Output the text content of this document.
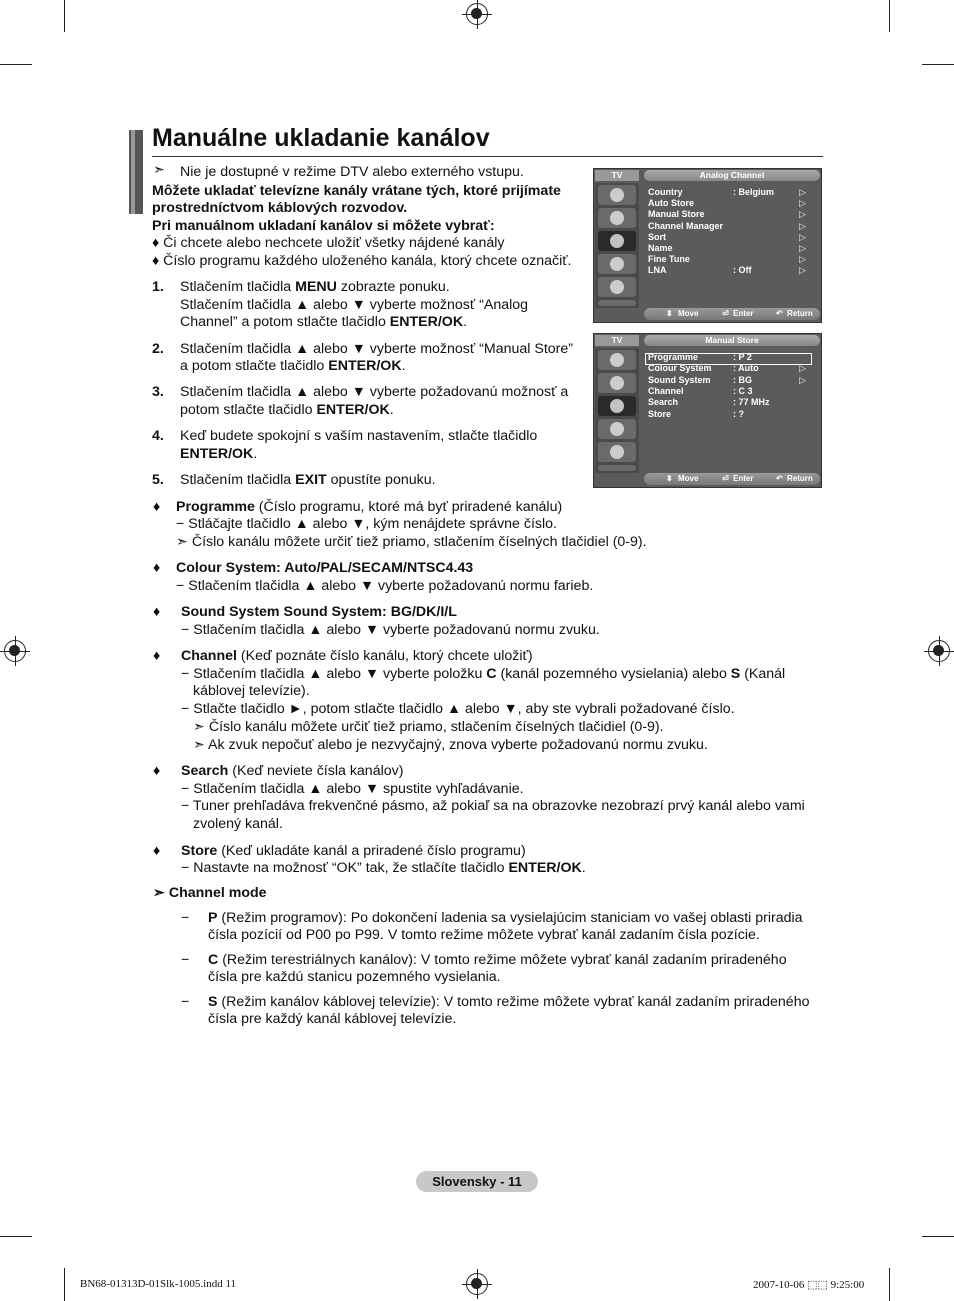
Manuálne ukladanie kanálov
➣ Nie je dostupné v režime DTV alebo externého vstupu.
Môžete ukladať televízne kanály vrátane tých, ktoré prijímate
prostredníctvom káblových rozvodov.
Pri manuálnom ukladaní kanálov si môžete vybrať:
♦ Či chcete alebo nechcete uložiť všetky nájdené kanály
♦ Číslo programu každého uloženého kanála, ktorý chcete označiť.
1. Stlačením tlačidla MENU zobrazte ponuku.
Stlačením tlačidla ▲ alebo ▼ vyberte možnosť “Analog
Channel” a potom stlačte tlačidlo ENTER/OK.
2. Stlačením tlačidla ▲ alebo ▼ vyberte možnosť “Manual Store”
a potom stlačte tlačidlo ENTER/OK.
3. Stlačením tlačidla ▲ alebo ▼ vyberte požadovanú možnosť a
potom stlačte tlačidlo ENTER/OK.
4. Keď budete spokojní s vaším nastavením, stlačte tlačidlo
ENTER/OK.
5. Stlačením tlačidla EXIT opustíte ponuku.
♦ Programme (Číslo programu, ktoré má byť priradené kanálu)
− Stláčajte tlačidlo ▲ alebo ▼, kým nenájdete správne číslo.
➣ Číslo kanálu môžete určiť tiež priamo, stlačením číselných tlačidiel (0-9).
♦ Colour System: Auto/PAL/SECAM/NTSC4.43
− Stlačením tlačidla ▲ alebo ▼ vyberte požadovanú normu farieb.
♦ Sound System Sound System: BG/DK/I/L
− Stlačením tlačidla ▲ alebo ▼ vyberte požadovanú normu zvuku.
♦ Channel (Keď poznáte číslo kanálu, ktorý chcete uložiť)
− Stlačením tlačidla ▲ alebo ▼ vyberte položku C (kanál pozemného vysielania) alebo S (Kanál
káblovej televízie).
− Stlačte tlačidlo ►, potom stlačte tlačidlo ▲ alebo ▼, aby ste vybrali požadované číslo.
➣ Číslo kanálu môžete určiť tiež priamo, stlačením číselných tlačidiel (0-9).
➣ Ak zvuk nepočuť alebo je nezvyčajný, znova vyberte požadovanú normu zvuku.
♦ Search (Keď neviete čísla kanálov)
− Stlačením tlačidla ▲ alebo ▼ spustite vyhľadávanie.
− Tuner prehľadáva frekvenčné pásmo, až pokiaľ sa na obrazovke nezobrazí prvý kanál alebo vami
zvolený kanál.
♦ Store (Keď ukladáte kanál a priradené číslo programu)
− Nastavte na možnosť “OK” tak, že stlačíte tlačidlo ENTER/OK.
➣ Channel mode
− P (Režim programov): Po dokončení ladenia sa vysielajúcim staniciam vo vašej oblasti priradia
čísla pozícií od P00 po P99. V tomto režime môžete vybrať kanál zadaním čísla pozície.
− C (Režim terestriálnych kanálov): V tomto režime môžete vybrať kanál zadaním priradeného
čísla pre každú stanicu pozemného vysielania.
− S (Režim kanálov káblovej televízie): V tomto režime môžete vybrať kanál zadaním priradeného
čísla pre každý kanál káblovej televízie.
TV	Analog Channel
Country	: Belgium	▷
Auto Store	▷
Manual Store	▷
Channel Manager	▷
Sort	▷
Name	▷
Fine Tune	▷
LNA	: Off	▷
⬍ Move	⏎ Enter	↶ Return
TV	Manual Store
Programme	: P 2
Colour System : Auto	▷
Sound System : BG	▷
Channel	: C 3
Search	: 77 MHz
Store	: ?
⬍ Move	⏎ Enter	↶ Return
Slovensky - 11
BN68-01313D-01Slk-1005.indd 11	2007-10-06 ⬚⬚ 9:25:00
